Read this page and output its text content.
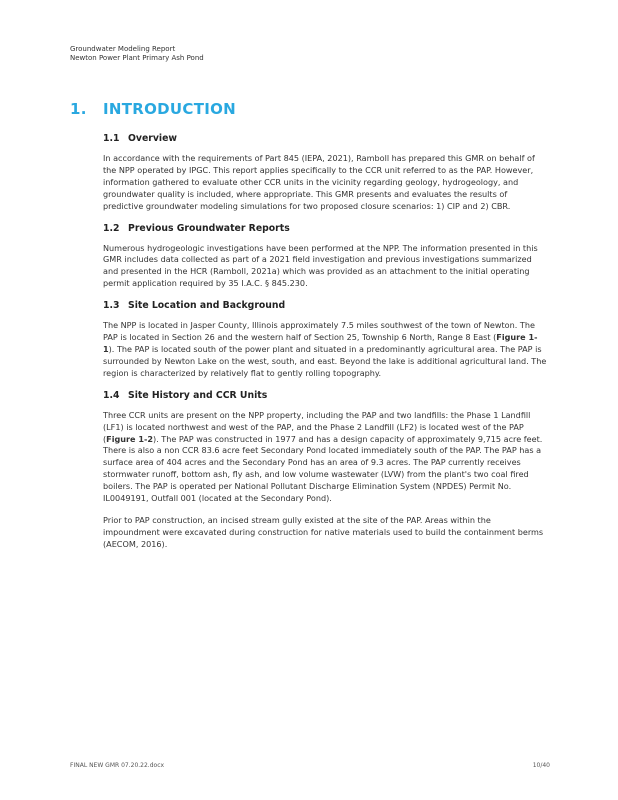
Groundwater Modeling Report
Newton Power Plant Primary Ash Pond
1. INTRODUCTION
1.1 Overview

In accordance with the requirements of Part 845 (IEPA, 2021), Ramboll has prepared this GMR on behalf of the NPP operated by IPGC. This report applies specifically to the CCR unit referred to as the PAP. However, information gathered to evaluate other CCR units in the vicinity regarding geology, hydrogeology, and groundwater quality is included, where appropriate. This GMR presents and evaluates the results of predictive groundwater modeling simulations for two proposed closure scenarios: 1) CIP and 2) CBR.

1.2 Previous Groundwater Reports

Numerous hydrogeologic investigations have been performed at the NPP. The information presented in this GMR includes data collected as part of a 2021 field investigation and previous investigations summarized and presented in the HCR (Ramboll, 2021a) which was provided as an attachment to the initial operating permit application required by 35 I.A.C. § 845.230.

1.3 Site Location and Background

The NPP is located in Jasper County, Illinois approximately 7.5 miles southwest of the town of Newton. The PAP is located in Section 26 and the western half of Section 25, Township 6 North, Range 8 East (Figure 1-1). The PAP is located south of the power plant and situated in a predominantly agricultural area. The PAP is surrounded by Newton Lake on the west, south, and east. Beyond the lake is additional agricultural land. The region is characterized by relatively flat to gently rolling topography.

1.4 Site History and CCR Units

Three CCR units are present on the NPP property, including the PAP and two landfills: the Phase 1 Landfill (LF1) is located northwest and west of the PAP, and the Phase 2 Landfill (LF2) is located west of the PAP (Figure 1-2). The PAP was constructed in 1977 and has a design capacity of approximately 9,715 acre feet. There is also a non CCR 83.6 acre feet Secondary Pond located immediately south of the PAP. The PAP has a surface area of 404 acres and the Secondary Pond has an area of 9.3 acres. The PAP currently receives stormwater runoff, bottom ash, fly ash, and low volume wastewater (LVW) from the plant's two coal fired boilers. The PAP is operated per National Pollutant Discharge Elimination System (NPDES) Permit No. IL0049191, Outfall 001 (located at the Secondary Pond).

Prior to PAP construction, an incised stream gully existed at the site of the PAP. Areas within the impoundment were excavated during construction for native materials used to build the containment berms (AECOM, 2016).

FINAL NEW GMR 07.20.22.docx	10/40
